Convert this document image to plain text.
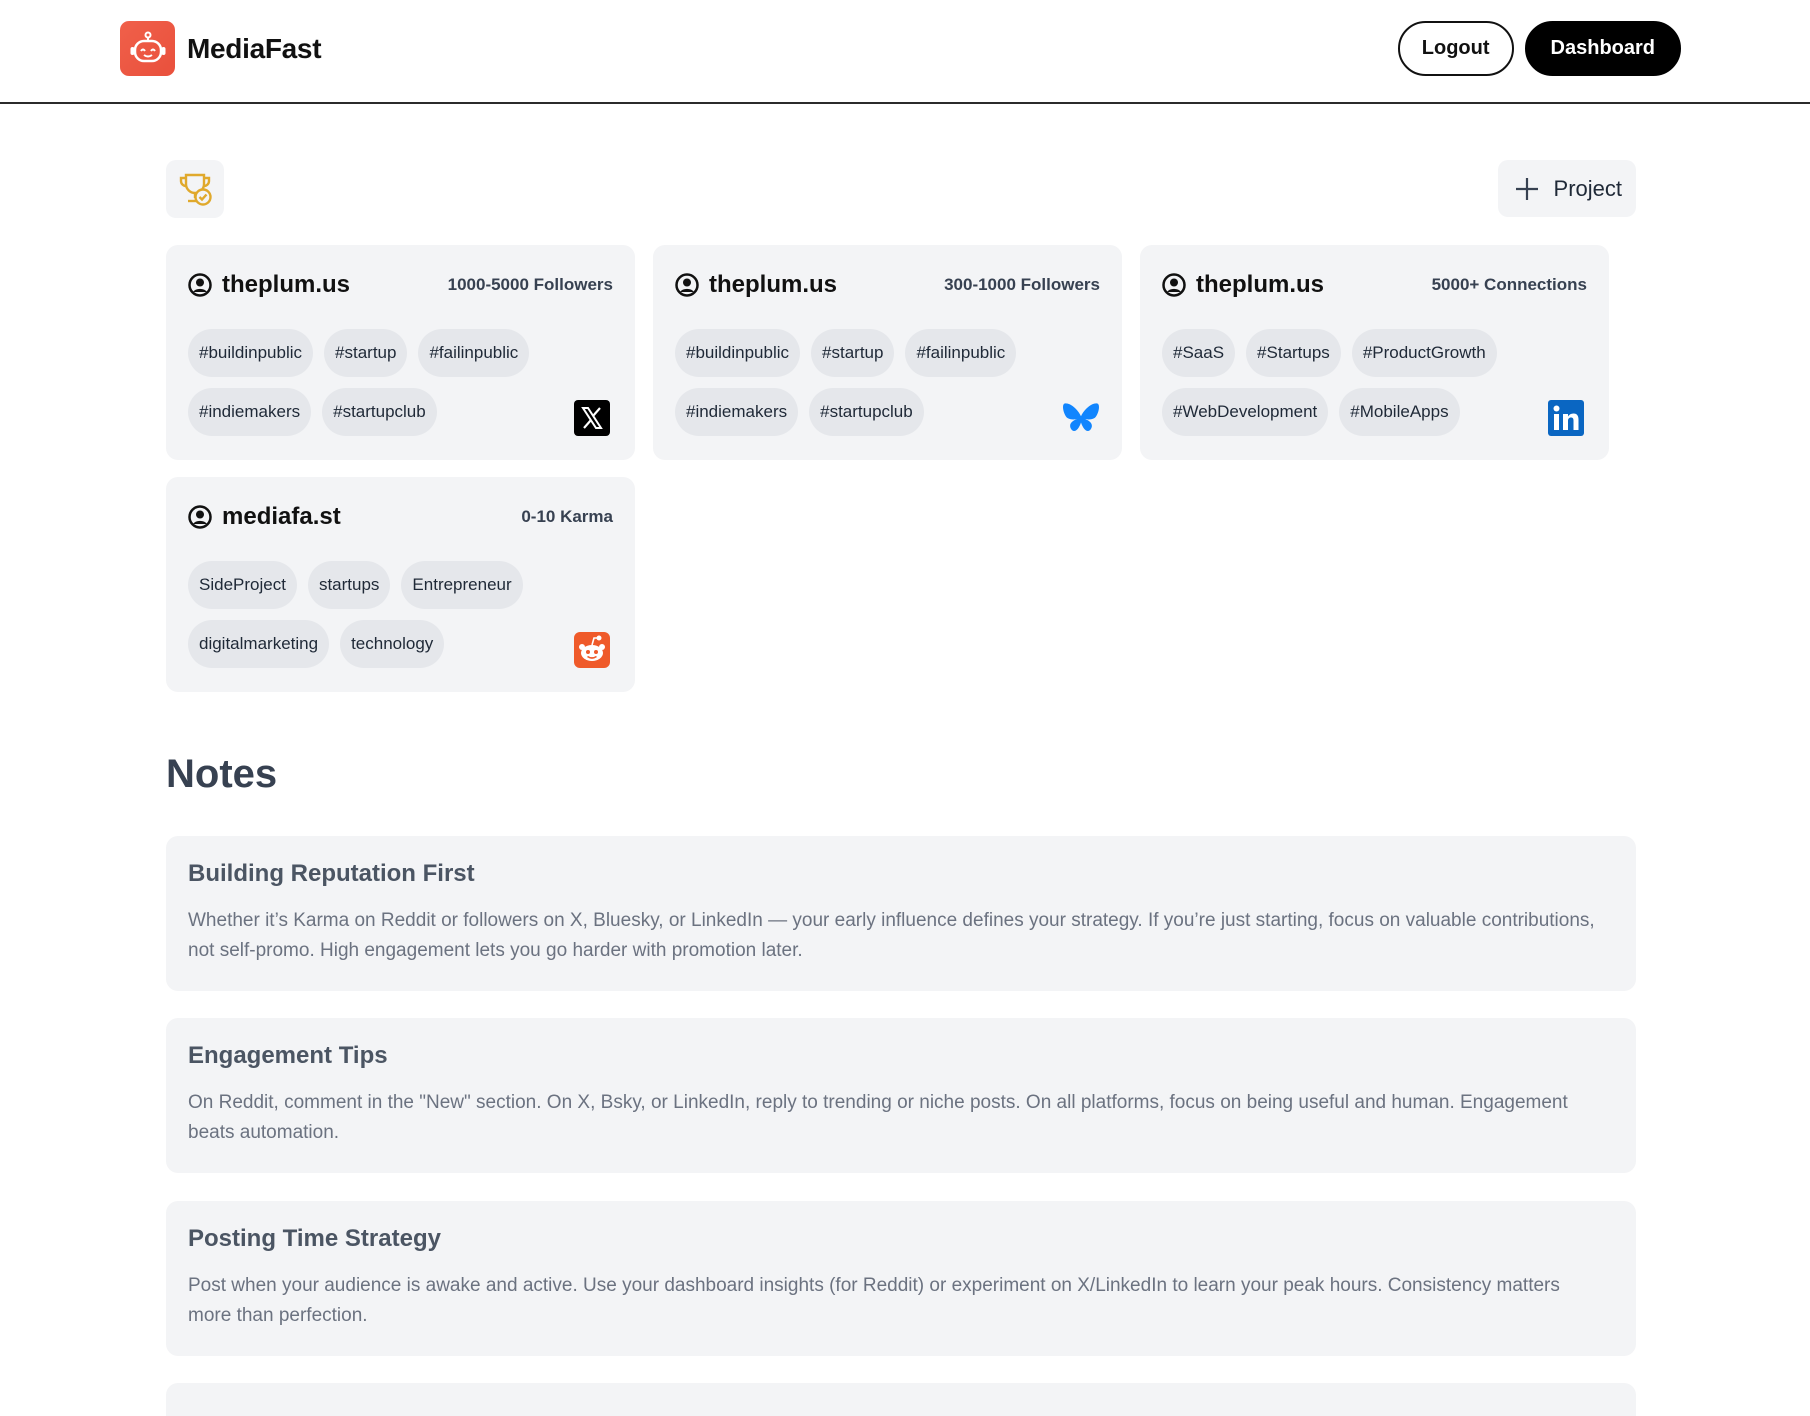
MediaFast	Logout	Dashboard
Project
theplum.us	1000-5000 Followers
#buildinpublic	#startup	#failinpublic
#indiemakers	#startupclub
theplum.us	300-1000 Followers
#buildinpublic	#startup	#failinpublic
#indiemakers	#startupclub
theplum.us	5000+ Connections
#SaaS	#Startups	#ProductGrowth
#WebDevelopment	#MobileApps
mediafa.st	0-10 Karma
SideProject	startups	Entrepreneur
digitalmarketing	technology
Notes
Building Reputation First
Whether it’s Karma on Reddit or followers on X, Bluesky, or LinkedIn — your early influence defines your strategy. If you’re just starting, focus on valuable contributions, not self-promo. High engagement lets you go harder with promotion later.
Engagement Tips
On Reddit, comment in the "New" section. On X, Bsky, or LinkedIn, reply to trending or niche posts. On all platforms, focus on being useful and human. Engagement beats automation.
Posting Time Strategy
Post when your audience is awake and active. Use your dashboard insights (for Reddit) or experiment on X/LinkedIn to learn your peak hours. Consistency matters more than perfection.
